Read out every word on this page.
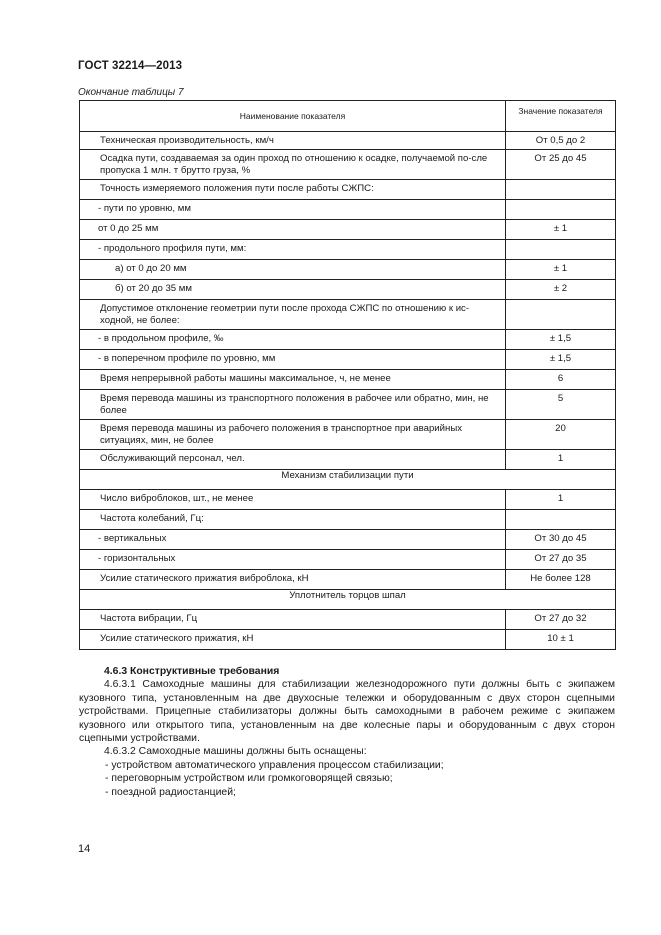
ГОСТ 32214—2013
Окончание таблицы 7
Наименование показателя	Значение показателя

Техническая производительность, км/ч	От 0,5 до 2

Осадка пути, создаваемая за один проход по отношению к осадке, получаемой по-сле пропуска 1 млн. т брутто груза, %	От 25 до 45

Точность измеряемого положения пути после работы СЖПС:	

- пути по уровню, мм	

от 0 до 25 мм	± 1

- продольного профиля пути, мм:	

а) от 0 до 20 мм	± 1

б) от 20 до 35 мм	± 2

Допустимое отклонение геометрии пути после прохода СЖПС по отношению к ис-ходной, не более:	

- в продольном профиле, ‰	± 1,5

- в поперечном профиле по уровню, мм	± 1,5

Время непрерывной работы машины максимальное, ч, не менее	6

Время перевода машины из транспортного положения в рабочее или обратно, мин, не более	5

Время перевода машины из рабочего положения в транспортное при аварийных ситуациях, мин, не более	20

Обслуживающий персонал, чел.	1

Механизм стабилизации пути	

Число виброблоков, шт., не менее	1

Частота колебаний, Гц:	

- вертикальных	От 30 до 45

- горизонтальных	От 27 до 35

Усилие статического прижатия виброблока, кН	Не более 128

Уплотнитель торцов шпал	

Частота вибрации, Гц	От 27 до 32

Усилие статического прижатия, кН	10 ± 1
4.6.3 Конструктивные требования
4.6.3.1 Самоходные машины для стабилизации железнодорожного пути должны быть с экипажем кузовного типа, установленным на две двухосные тележки и оборудованным с двух сторон сцепными устройствами. Прицепные стабилизаторы должны быть самоходными в рабочем режиме с экипажем кузовного или открытого типа, установленным на две колесные пары и оборудованным с двух сторон сцепными устройствами.
4.6.3.2 Самоходные машины должны быть оснащены:
- устройством автоматического управления процессом стабилизации;
- переговорным устройством или громкоговорящей связью;
- поездной радиостанцией;
14
